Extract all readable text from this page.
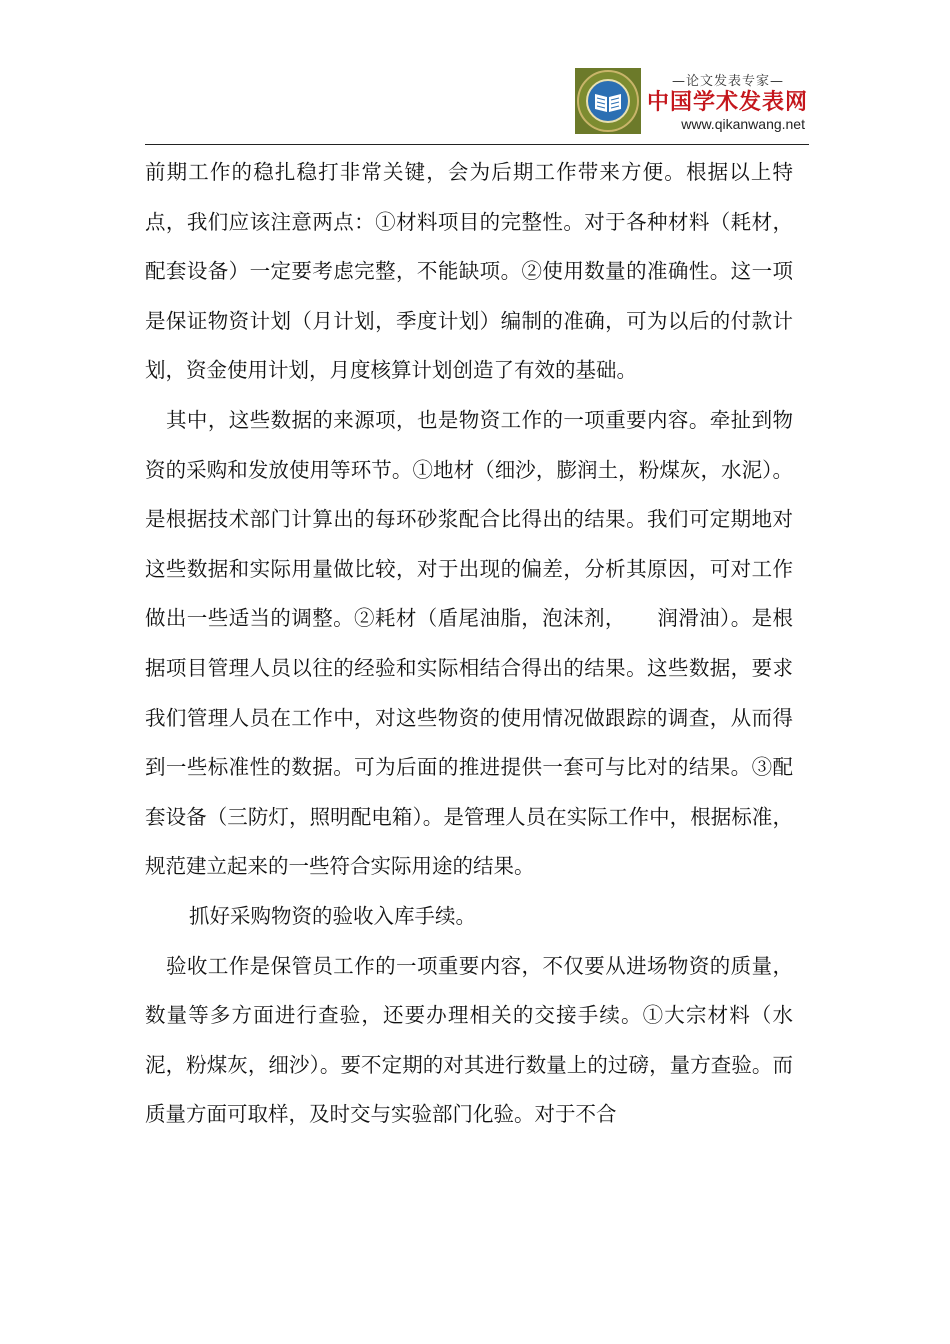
—论文发表专家—
中国学术发表网
www.qikanwang.net

前期工作的稳扎稳打非常关键，会为后期工作带来方便。根据以上特点，我们应该注意两点：①材料项目的完整性。对于各种材料（耗材，配套设备）一定要考虑完整，不能缺项。②使用数量的准确性。这一项是保证物资计划（月计划，季度计划）编制的准确，可为以后的付款计划，资金使用计划，月度核算计划创造了有效的基础。

其中，这些数据的来源项，也是物资工作的一项重要内容。牵扯到物资的采购和发放使用等环节。①地材（细沙，膨润土，粉煤灰，水泥）。是根据技术部门计算出的每环砂浆配合比得出的结果。我们可定期地对这些数据和实际用量做比较，对于出现的偏差，分析其原因，可对工作做出一些适当的调整。②耗材（盾尾油脂，泡沫剂，　　润滑油）。是根据项目管理人员以往的经验和实际相结合得出的结果。这些数据，要求我们管理人员在工作中，对这些物资的使用情况做跟踪的调查，从而得到一些标准性的数据。可为后面的推进提供一套可与比对的结果。③配套设备（三防灯，照明配电箱）。是管理人员在实际工作中，根据标准，规范建立起来的一些符合实际用途的结果。

抓好采购物资的验收入库手续。

验收工作是保管员工作的一项重要内容，不仅要从进场物资的质量，数量等多方面进行查验，还要办理相关的交接手续。①大宗材料（水泥，粉煤灰，细沙）。要不定期的对其进行数量上的过磅，量方查验。而质量方面可取样，及时交与实验部门化验。对于不合
